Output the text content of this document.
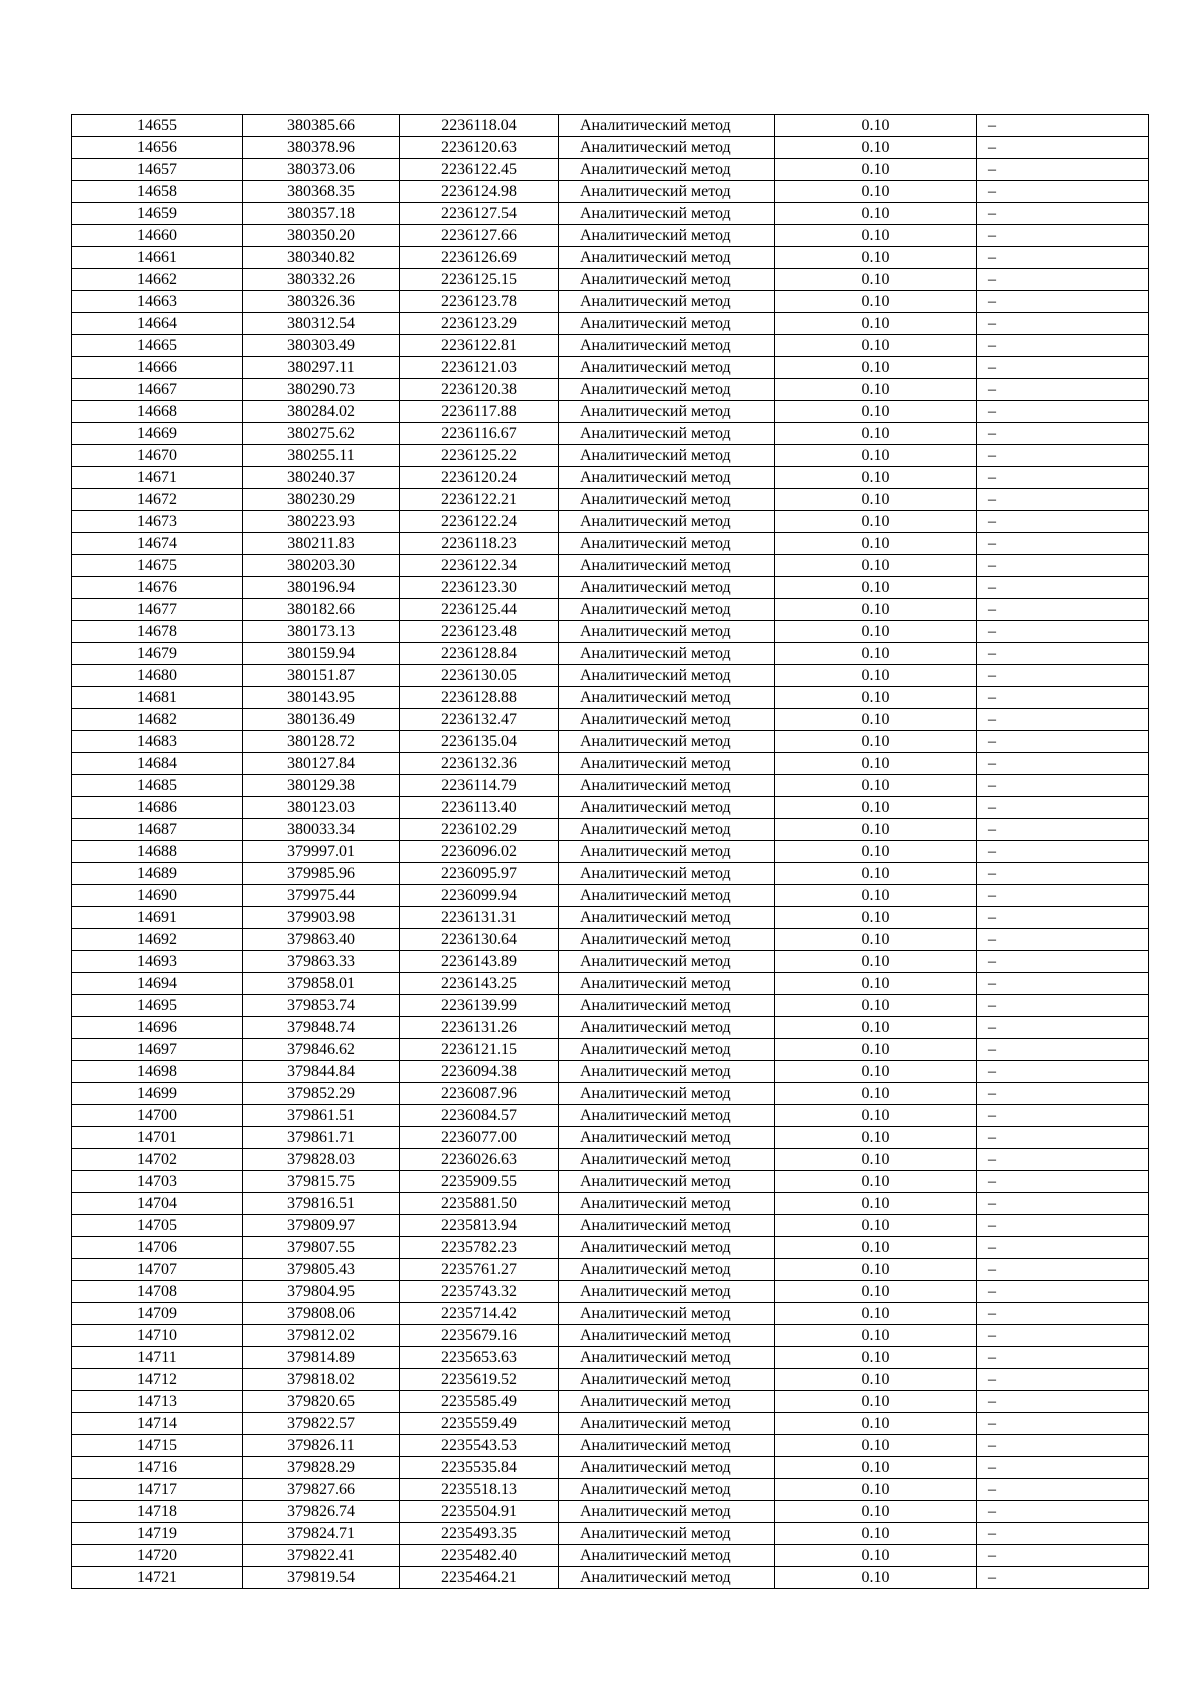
14655	380385.66	2236118.04	Аналитический метод	0.10	–
14656	380378.96	2236120.63	Аналитический метод	0.10	–
14657	380373.06	2236122.45	Аналитический метод	0.10	–
14658	380368.35	2236124.98	Аналитический метод	0.10	–
14659	380357.18	2236127.54	Аналитический метод	0.10	–
14660	380350.20	2236127.66	Аналитический метод	0.10	–
14661	380340.82	2236126.69	Аналитический метод	0.10	–
14662	380332.26	2236125.15	Аналитический метод	0.10	–
14663	380326.36	2236123.78	Аналитический метод	0.10	–
14664	380312.54	2236123.29	Аналитический метод	0.10	–
14665	380303.49	2236122.81	Аналитический метод	0.10	–
14666	380297.11	2236121.03	Аналитический метод	0.10	–
14667	380290.73	2236120.38	Аналитический метод	0.10	–
14668	380284.02	2236117.88	Аналитический метод	0.10	–
14669	380275.62	2236116.67	Аналитический метод	0.10	–
14670	380255.11	2236125.22	Аналитический метод	0.10	–
14671	380240.37	2236120.24	Аналитический метод	0.10	–
14672	380230.29	2236122.21	Аналитический метод	0.10	–
14673	380223.93	2236122.24	Аналитический метод	0.10	–
14674	380211.83	2236118.23	Аналитический метод	0.10	–
14675	380203.30	2236122.34	Аналитический метод	0.10	–
14676	380196.94	2236123.30	Аналитический метод	0.10	–
14677	380182.66	2236125.44	Аналитический метод	0.10	–
14678	380173.13	2236123.48	Аналитический метод	0.10	–
14679	380159.94	2236128.84	Аналитический метод	0.10	–
14680	380151.87	2236130.05	Аналитический метод	0.10	–
14681	380143.95	2236128.88	Аналитический метод	0.10	–
14682	380136.49	2236132.47	Аналитический метод	0.10	–
14683	380128.72	2236135.04	Аналитический метод	0.10	–
14684	380127.84	2236132.36	Аналитический метод	0.10	–
14685	380129.38	2236114.79	Аналитический метод	0.10	–
14686	380123.03	2236113.40	Аналитический метод	0.10	–
14687	380033.34	2236102.29	Аналитический метод	0.10	–
14688	379997.01	2236096.02	Аналитический метод	0.10	–
14689	379985.96	2236095.97	Аналитический метод	0.10	–
14690	379975.44	2236099.94	Аналитический метод	0.10	–
14691	379903.98	2236131.31	Аналитический метод	0.10	–
14692	379863.40	2236130.64	Аналитический метод	0.10	–
14693	379863.33	2236143.89	Аналитический метод	0.10	–
14694	379858.01	2236143.25	Аналитический метод	0.10	–
14695	379853.74	2236139.99	Аналитический метод	0.10	–
14696	379848.74	2236131.26	Аналитический метод	0.10	–
14697	379846.62	2236121.15	Аналитический метод	0.10	–
14698	379844.84	2236094.38	Аналитический метод	0.10	–
14699	379852.29	2236087.96	Аналитический метод	0.10	–
14700	379861.51	2236084.57	Аналитический метод	0.10	–
14701	379861.71	2236077.00	Аналитический метод	0.10	–
14702	379828.03	2236026.63	Аналитический метод	0.10	–
14703	379815.75	2235909.55	Аналитический метод	0.10	–
14704	379816.51	2235881.50	Аналитический метод	0.10	–
14705	379809.97	2235813.94	Аналитический метод	0.10	–
14706	379807.55	2235782.23	Аналитический метод	0.10	–
14707	379805.43	2235761.27	Аналитический метод	0.10	–
14708	379804.95	2235743.32	Аналитический метод	0.10	–
14709	379808.06	2235714.42	Аналитический метод	0.10	–
14710	379812.02	2235679.16	Аналитический метод	0.10	–
14711	379814.89	2235653.63	Аналитический метод	0.10	–
14712	379818.02	2235619.52	Аналитический метод	0.10	–
14713	379820.65	2235585.49	Аналитический метод	0.10	–
14714	379822.57	2235559.49	Аналитический метод	0.10	–
14715	379826.11	2235543.53	Аналитический метод	0.10	–
14716	379828.29	2235535.84	Аналитический метод	0.10	–
14717	379827.66	2235518.13	Аналитический метод	0.10	–
14718	379826.74	2235504.91	Аналитический метод	0.10	–
14719	379824.71	2235493.35	Аналитический метод	0.10	–
14720	379822.41	2235482.40	Аналитический метод	0.10	–
14721	379819.54	2235464.21	Аналитический метод	0.10	–
